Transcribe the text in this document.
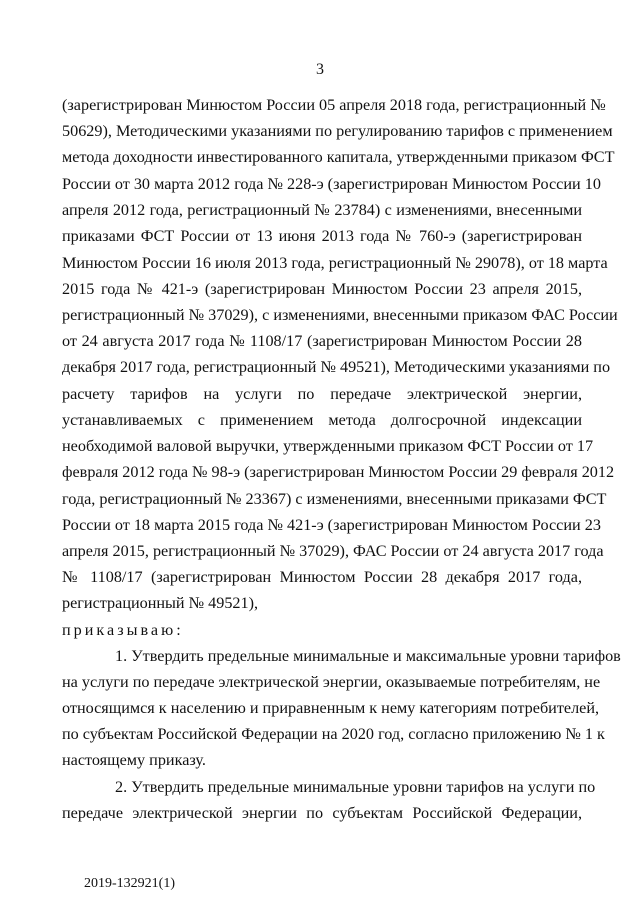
3
(зарегистрирован Минюстом России 05 апреля 2018 года, регистрационный №
50629), Методическими указаниями по регулированию тарифов с применением
метода доходности инвестированного капитала, утвержденными приказом ФСТ
России от 30 марта 2012 года № 228-э (зарегистрирован Минюстом России 10
апреля 2012 года, регистрационный № 23784) с изменениями, внесенными
приказами ФСТ России от 13 июня 2013 года № 760-э (зарегистрирован
Минюстом России 16 июля 2013 года, регистрационный № 29078), от 18 марта
2015 года № 421-э (зарегистрирован Минюстом России 23 апреля 2015,
регистрационный № 37029), с изменениями, внесенными приказом ФАС России
от 24 августа 2017 года № 1108/17 (зарегистрирован Минюстом России 28
декабря 2017 года, регистрационный № 49521), Методическими указаниями по
расчету тарифов на услуги по передаче электрической энергии,
устанавливаемых с применением метода долгосрочной индексации
необходимой валовой выручки, утвержденными приказом ФСТ России от 17
февраля 2012 года № 98-э (зарегистрирован Минюстом России 29 февраля 2012
года, регистрационный № 23367) с изменениями, внесенными приказами ФСТ
России от 18 марта 2015 года № 421-э (зарегистрирован Минюстом России 23
апреля 2015, регистрационный № 37029), ФАС России от 24 августа 2017 года
№ 1108/17 (зарегистрирован Минюстом России 28 декабря 2017 года,
регистрационный № 49521),
приказываю:
1. Утвердить предельные минимальные и максимальные уровни тарифов
на услуги по передаче электрической энергии, оказываемые потребителям, не
относящимся к населению и приравненным к нему категориям потребителей,
по субъектам Российской Федерации на 2020 год, согласно приложению № 1 к
настоящему приказу.
2. Утвердить предельные минимальные уровни тарифов на услуги по
передаче электрической энергии по субъектам Российской Федерации,
2019-132921(1)
